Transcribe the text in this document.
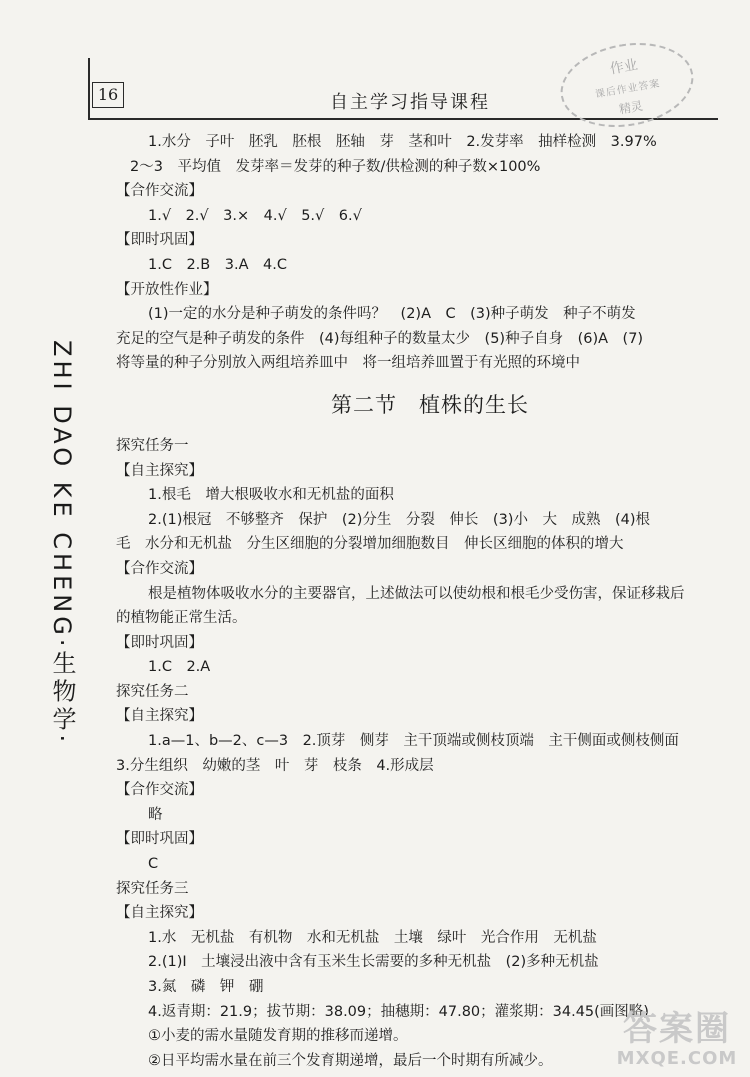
16	自主学习指导课程
作业
课后作业答案
精灵
ZHI DAO KE CHENG·生物学·

1.水分　子叶　胚乳　胚根　胚轴　芽　茎和叶　2.发芽率　抽样检测　3.97%

2～3　平均值　发芽率＝发芽的种子数/供检测的种子数×100%

【合作交流】

1.√　2.√　3.×　4.√　5.√　6.√

【即时巩固】

1.C　2.B　3.A　4.C

【开放性作业】

(1)一定的水分是种子萌发的条件吗？　(2)A　C　(3)种子萌发　种子不萌发

充足的空气是种子萌发的条件　(4)每组种子的数量太少　(5)种子自身　(6)A　(7)

将等量的种子分别放入两组培养皿中　将一组培养皿置于有光照的环境中

第二节　植株的生长

探究任务一

【自主探究】

1.根毛　增大根吸收水和无机盐的面积

2.(1)根冠　不够整齐　保护　(2)分生　分裂　伸长　(3)小　大　成熟　(4)根

毛　水分和无机盐　分生区细胞的分裂增加细胞数目　伸长区细胞的体积的增大

【合作交流】

根是植物体吸收水分的主要器官，上述做法可以使幼根和根毛少受伤害，保证移栽后

的植物能正常生活。

【即时巩固】

1.C　2.A

探究任务二

【自主探究】

1.a—1、b—2、c—3　2.顶芽　侧芽　主干顶端或侧枝顶端　主干侧面或侧枝侧面

3.分生组织　幼嫩的茎　叶　芽　枝条　4.形成层

【合作交流】

略

【即时巩固】

C

探究任务三

【自主探究】

1.水　无机盐　有机物　水和无机盐　土壤　绿叶　光合作用　无机盐

2.(1)Ⅰ　土壤浸出液中含有玉米生长需要的多种无机盐　(2)多种无机盐

3.氮　磷　钾　硼

4.返青期：21.9；拔节期：38.09；抽穗期：47.80；灌浆期：34.45(画图略)

①小麦的需水量随发育期的推移而递增。

②日平均需水量在前三个发育期递增，最后一个时期有所减少。

答案圈
MXQE.COM
